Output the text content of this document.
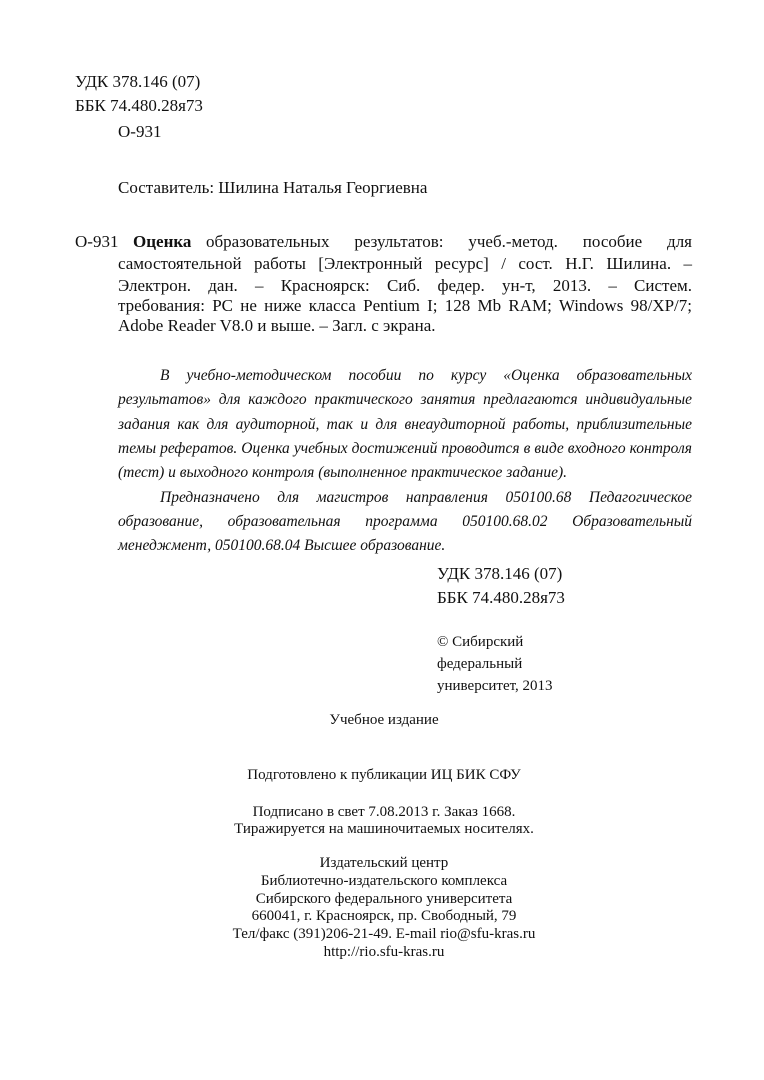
УДК 378.146 (07)
ББК 74.480.28я73
О-931
Составитель: Шилина Наталья Георгиевна
О-931 Оценка образовательных результатов: учеб.-метод. пособие для
самостоятельной работы [Электронный ресурс] / сост. Н.Г. Шилина. –
Электрон. дан. – Красноярск: Сиб. федер. ун-т, 2013. – Систем.
требования: PC не ниже класса Pentium I; 128 Mb RAM; Windows 98/XP/7;
Adobe Reader V8.0 и выше. – Загл. с экрана.
В учебно-методическом пособии по курсу «Оценка образовательных
результатов» для каждого практического занятия предлагаются индивидуальные
задания как для аудиторной, так и для внеаудиторной работы, приблизительные
темы рефератов. Оценка учебных достижений проводится в виде входного контроля
(тест) и выходного контроля (выполненное практическое задание).
Предназначено для магистров направления 050100.68 Педагогическое
образование, образовательная программа 050100.68.02 Образовательный
менеджмент, 050100.68.04 Высшее образование.
УДК 378.146 (07)
ББК 74.480.28я73
© Сибирский
федеральный
университет, 2013
Учебное издание
Подготовлено к публикации ИЦ БИК СФУ
Подписано в свет 7.08.2013 г. Заказ 1668.
Тиражируется на машиночитаемых носителях.
Издательский центр
Библиотечно-издательского комплекса
Сибирского федерального университета
660041, г. Красноярск, пр. Свободный, 79
Тел/факс (391)206-21-49. E-mail rio@sfu-kras.ru
http://rio.sfu-kras.ru
